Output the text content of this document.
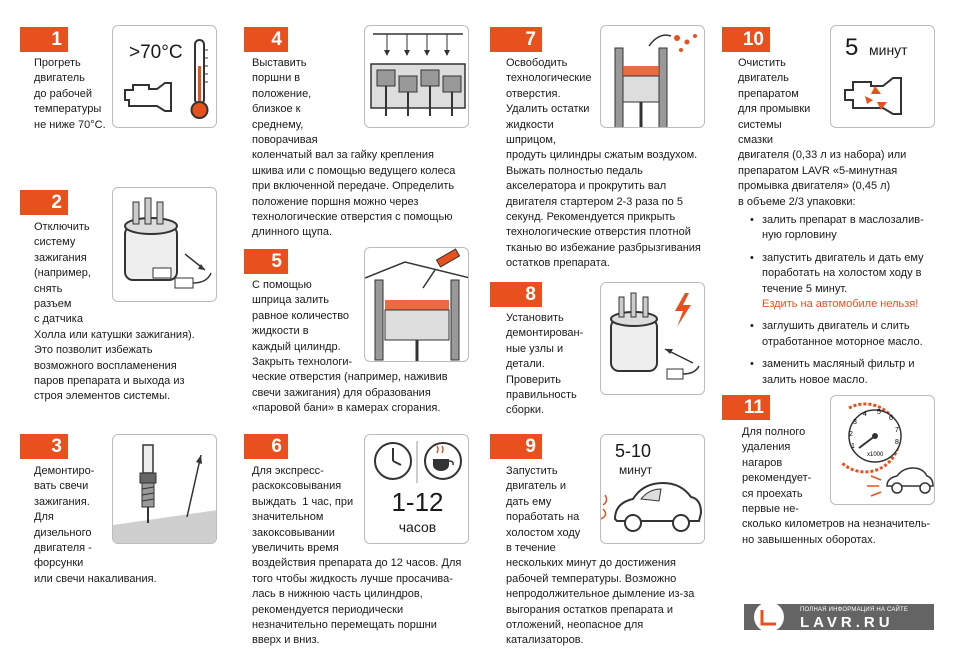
1
Прогреть
двигатель
до рабочей
температуры
не ниже 70°С.
>70°C
2
Отключить
систему
зажигания
(например,
снять
разъем
с датчика
Холла или катушки зажигания).
Это позволит избежать
возможного воспламенения
паров препарата и выхода из
строя элементов системы.
3
Демонтиро-
вать свечи
зажигания.
Для
дизельного
двигателя -
форсунки
или свечи накаливания.
4
Выставить
поршни в
положение,
близкое к
среднему,
поворачивая
коленчатый вал за гайку крепления
шкива или с помощью ведущего колеса
при включенной передаче. Определить
положение поршня можно через
технологические отверстия с помощью
длинного щупа.
5
С помощью
шприца залить
равное количество
жидкости в
каждый цилиндр.
Закрыть технологи-
ческие отверстия (например, наживив
свечи зажигания) для образования
«паровой бани» в камерах сгорания.
6
Для экспресс-
раскоксовывания
выждать  1 час, при
значительном
закоксовывании
увеличить время
воздействия препарата до 12 часов. Для
того чтобы жидкость лучше просачива-
лась в нижнюю часть цилиндров,
рекомендуется периодически
незначительно перемещать поршни
вверх и вниз.
1-12
часов
7
Освободить
технологические
отверстия.
Удалить остатки
жидкости
шприцом,
продуть цилиндры сжатым воздухом.
Выжать полностью педаль
акселератора и прокрутить вал
двигателя стартером 2-3 раза по 5
секунд. Рекомендуется прикрыть
технологические отверстия плотной
тканью во избежание разбрызгивания
остатков препарата.
8
Установить
демонтирован-
ные узлы и
детали.
Проверить
правильность
сборки.
9
Запустить
двигатель и
дать ему
поработать на
холостом ходу
в течение
нескольких минут до достижения
рабочей температуры. Возможно
непродолжительное дымление из-за
выгорания остатков препарата и
отложений, неопасное для
катализаторов.
5-10
минут
10
Очистить
двигатель
препаратом
для промывки
системы
смазки
двигателя (0,33 л из набора) или
препаратом LAVR «5-минутная
промывка двигателя» (0,45 л)
в объеме 2/3 упаковки:
5 минут
• залить препарат в маслозалив-
ную горловину
• запустить двигатель и дать ему
поработать на холостом ходу в
течение 5 минут.
Ездить на автомобиле нельзя!
• заглушить двигатель и слить
отработанное моторное масло.
• заменить масляный фильтр и
залить новое масло.
11
Для полного
удаления
нагаров
рекомендует-
ся проехать
первые не-
сколько километров на незначитель-
но завышенных оборотах.
1
2
3
4 5
6
7
8
x1000
ПОЛНАЯ ИНФОРМАЦИЯ НА САЙТЕ
LAVR.RU
